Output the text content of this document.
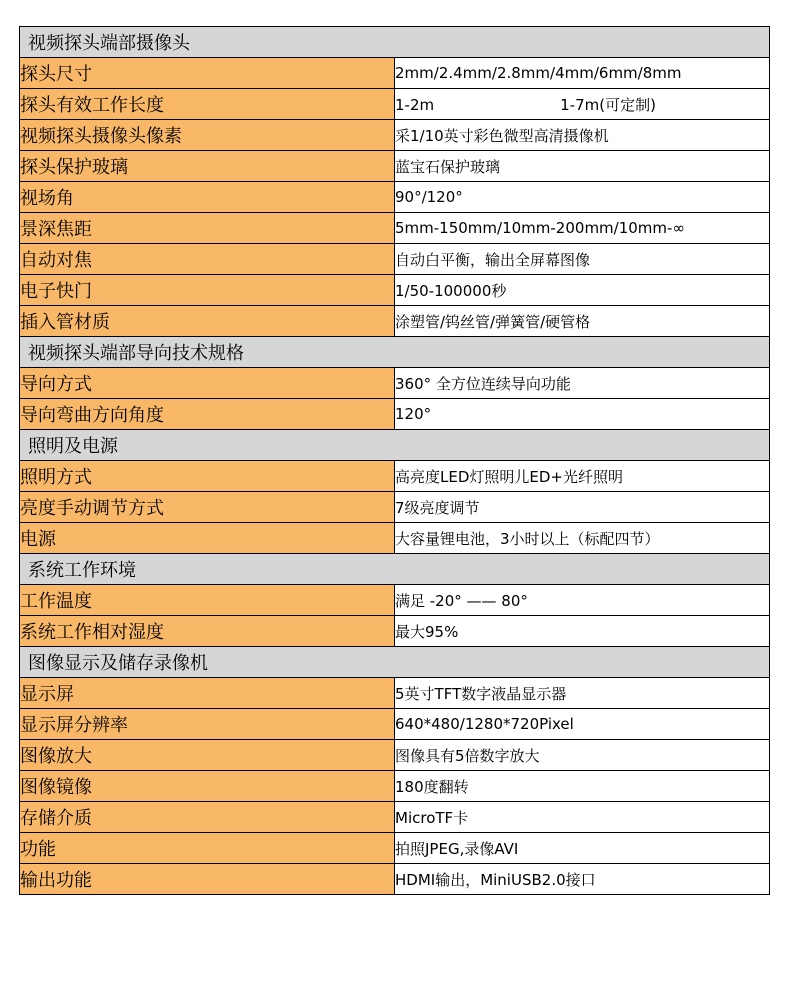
视频探头端部摄像头	
探头尺寸	2mm/2.4mm/2.8mm/4mm/6mm/8mm
探头有效工作长度	1-2m 1-7m(可定制)
视频探头摄像头像素	采1/10英寸彩色微型高清摄像机
探头保护玻璃	蓝宝石保护玻璃
视场角	90°/120°
景深焦距	5mm-150mm/10mm-200mm/10mm-∞
自动对焦	自动白平衡，输出全屏幕图像
电子快门	1/50-100000秒
插入管材质	涂塑管/钨丝管/弹簧管/硬管格
视频探头端部导向技术规格	
导向方式	360° 全方位连续导向功能
导向弯曲方向角度	120°
照明及电源	
照明方式	高亮度LED灯照明儿ED+光纤照明
亮度手动调节方式	7级亮度调节
电源	大容量锂电池，3小时以上（标配四节）
系统工作环境	
工作温度	满足 -20° —— 80°
系统工作相对湿度	最大95%
图像显示及储存录像机	
显示屏	5英寸TFT数字液晶显示器
显示屏分辨率	640*480/1280*720Pixel
图像放大	图像具有5倍数字放大
图像镜像	180度翻转
存储介质	MicroTF卡
功能	拍照JPEG,录像AVI
输出功能	HDMI输出，MiniUSB2.0接口
